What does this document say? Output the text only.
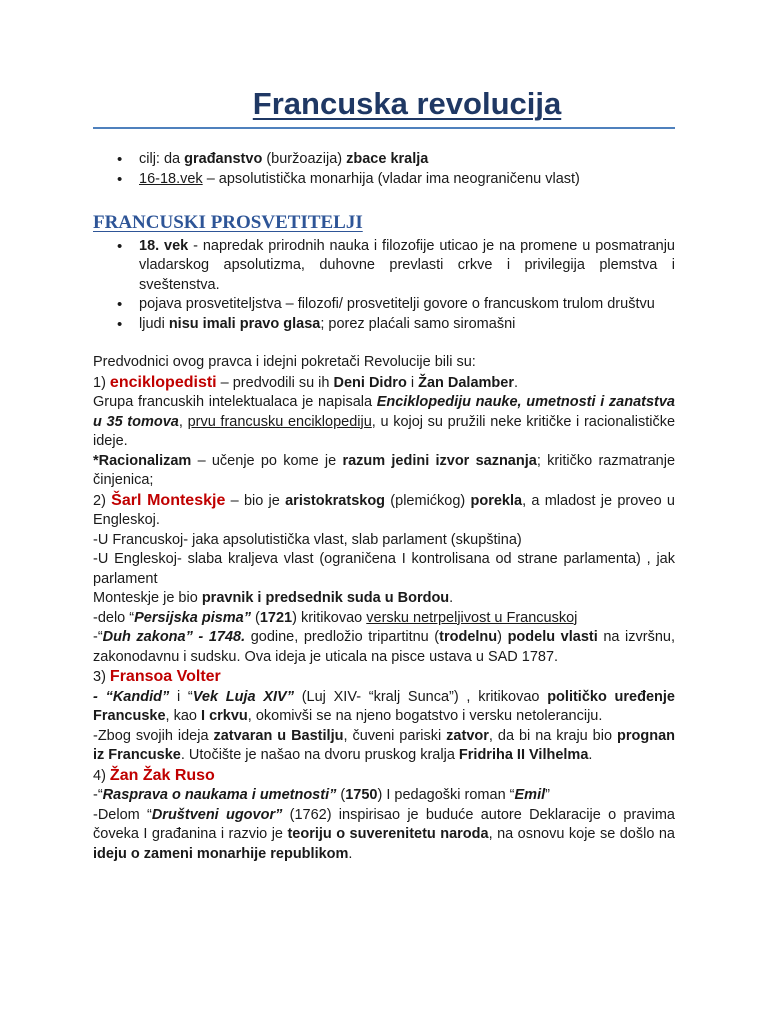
Francuska revolucija
• cilj: da građanstvo (buržoazija) zbace kralja
• 16-18.vek – apsolutistička monarhija (vladar ima neograničenu vlast)
FRANCUSKI PROSVETITELJI
• 18. vek - napredak prirodnih nauka i filozofije uticao je na promene u posmatranju vladarskog apsolutizma, duhovne prevlasti crkve i privilegija plemstva i sveštenstva.
• pojava prosvetiteljstva – filozofi/ prosvetitelji govore o francuskom trulom društvu
• ljudi nisu imali pravo glasa; porez plaćali samo siromašni

Predvodnici ovog pravca i idejni pokretači Revolucije bili su:

1) enciklopedisti – predvodili su ih Deni Didro i Žan Dalamber.

Grupa francuskih intelektualaca je napisala Enciklopediju nauke, umetnosti i zanatstva u 35 tomova, prvu francusku enciklopediju, u kojoj su pružili neke kritičke i racionalističke ideje.

*Racionalizam – učenje po kome je razum jedini izvor saznanja; kritičko razmatranje činjenica;

2) Šarl Monteskje – bio je aristokratskog (plemićkog) porekla, a mladost je proveo u Engleskoj.

-U Francuskoj- jaka apsolutistička vlast, slab parlament (skupština)

-U Engleskoj- slaba kraljeva vlast (ograničena I kontrolisana od strane parlamenta) , jak parlament

Monteskje je bio pravnik i predsednik suda u Bordou.

-delo “Persijska pisma” (1721) kritikovao versku netrpeljivost u Francuskoj

-“Duh zakona” - 1748. godine, predložio tripartitnu (trodelnu) podelu vlasti na izvršnu, zakonodavnu i sudsku. Ova ideja je uticala na pisce ustava u SAD 1787.

3) Fransoa Volter

- “Kandid” i “Vek Luja XIV” (Luj XIV- “kralj Sunca”) , kritikovao političko uređenje Francuske, kao I crkvu, okomivši se na njeno bogatstvo i versku netoleranciju.

-Zbog svojih ideja zatvaran u Bastilju, čuveni pariski zatvor, da bi na kraju bio prognan iz Francuske. Utočište je našao na dvoru pruskog kralja Fridriha II Vilhelma.

4) Žan Žak Ruso

-“Rasprava o naukama i umetnosti” (1750) I pedagoški roman “Emil”

-Delom “Društveni ugovor” (1762) inspirisao je buduće autore Deklaracije o pravima čoveka I građanina i razvio je teoriju o suverenitetu naroda, na osnovu koje se došlo na ideju o zameni monarhije republikom.
